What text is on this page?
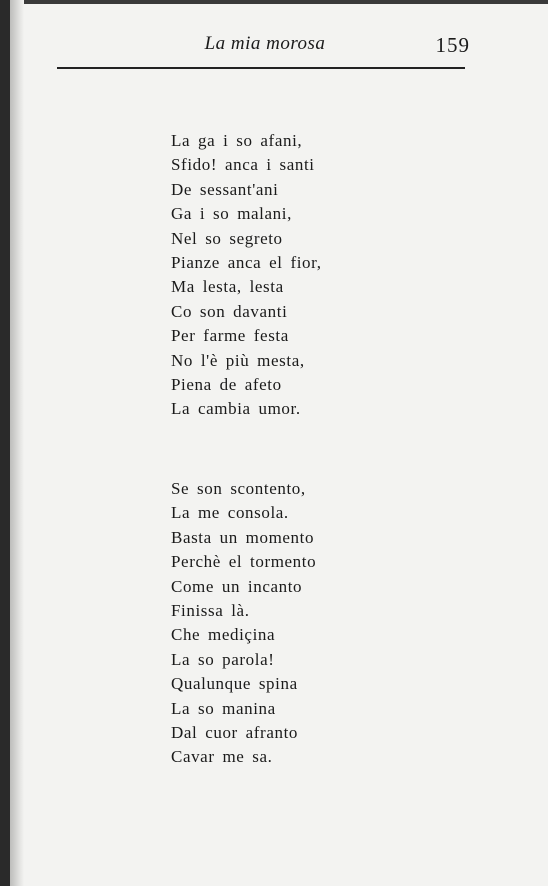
La mia morosa	159
La ga i so afani,
Sfido! anca i santi
De sessant'ani
Ga i so malani,
Nel so segreto
Pianze anca el fior,
Ma lesta, lesta
Co son davanti
Per farme festa
No l'è più mesta,
Piena de afeto
La cambia umor.
Se son scontento,
La me consola.
Basta un momento
Perchè el tormento
Come un incanto
Finissa là.
Che mediçina
La so parola!
Qualunque spina
La so manina
Dal cuor afranto
Cavar me sa.
